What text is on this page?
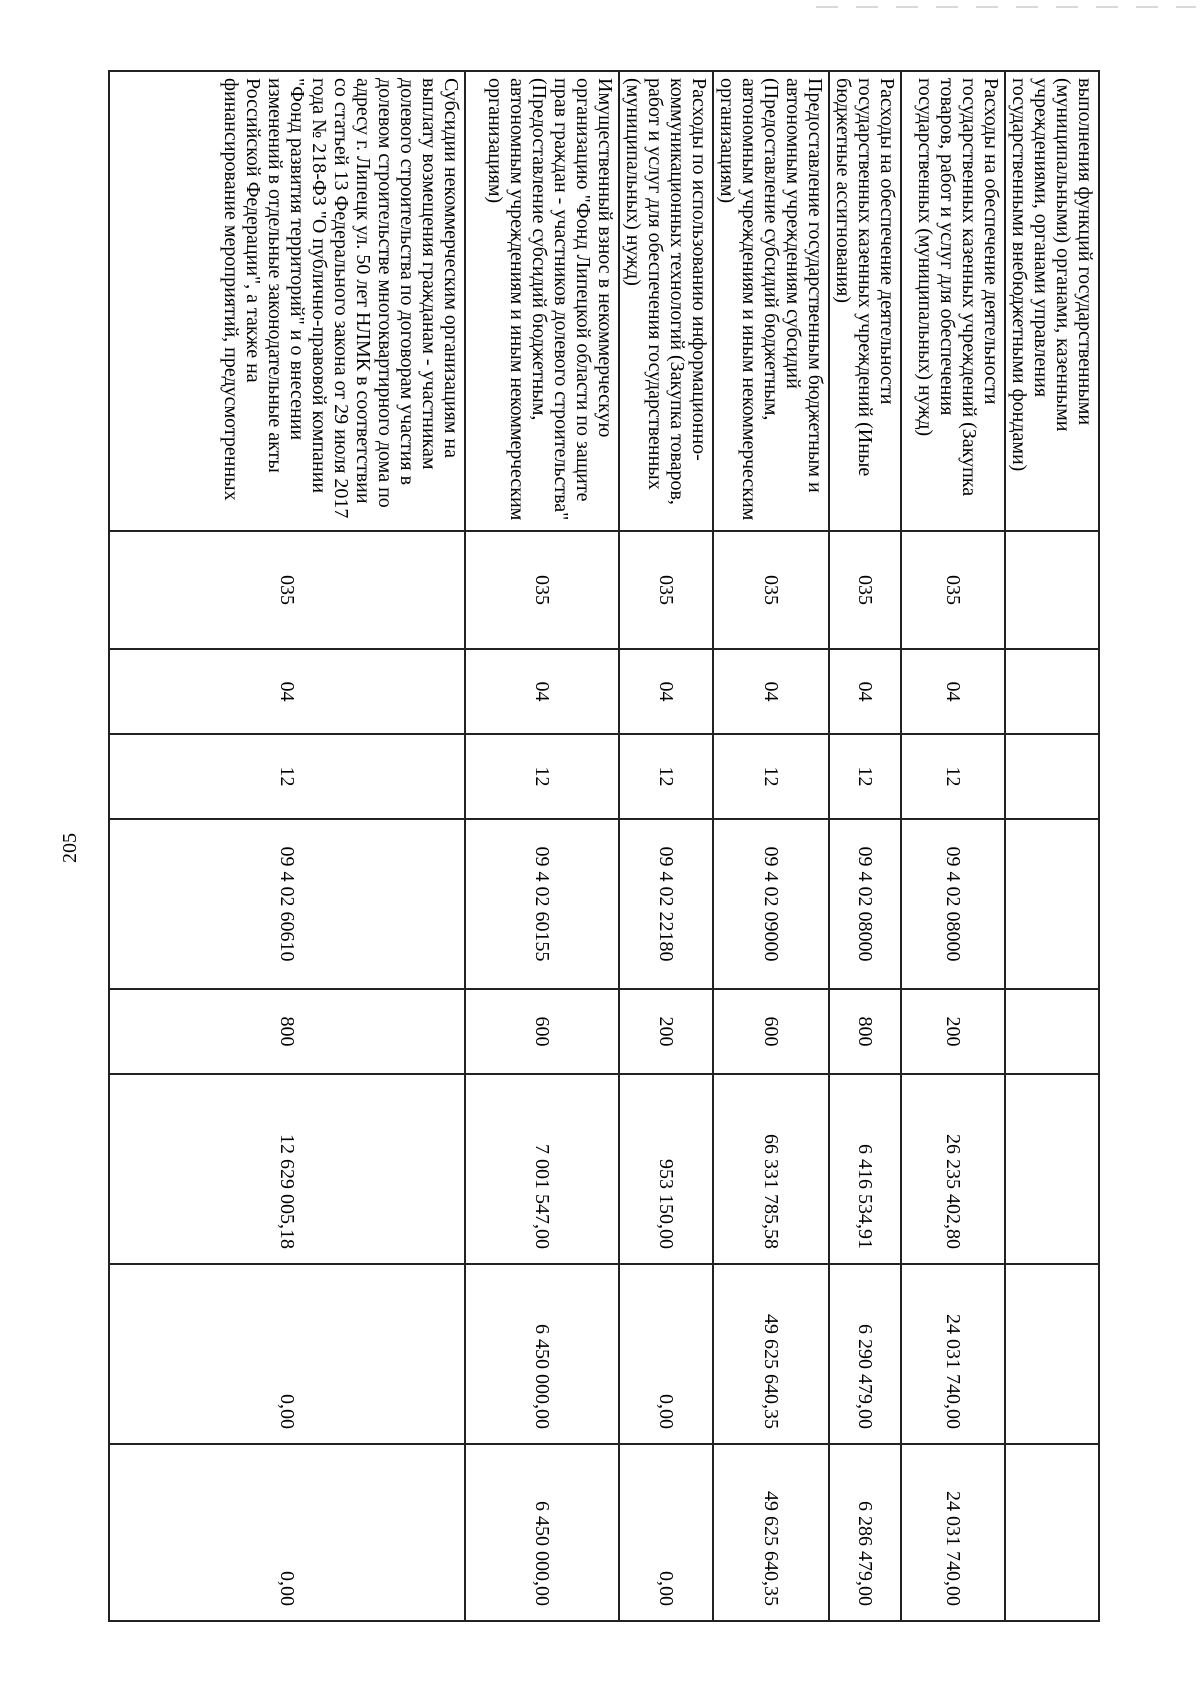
205
выполнения функций государственными (муниципальными) органами, казенными учреждениями, органами управления государственными внебюджетными фондами)								
Расходы на обеспечение деятельности государственных казенных учреждений (Закупка товаров, работ и услуг для обеспечения государственных (муниципальных) нужд)	035	04	12	09 4 02 08000	200	26 235 402,80	24 031 740,00	24 031 740,00
Расходы на обеспечение деятельности государственных казенных учреждений (Иные бюджетные ассигнования)	035	04	12	09 4 02 08000	800	6 416 534,91	6 290 479,00	6 286 479,00
Предоставление государственным бюджетным и автономным учреждениям субсидий (Предоставление субсидий бюджетным, автономным учреждениям и иным некоммерческим организациям)	035	04	12	09 4 02 09000	600	66 331 785,58	49 625 640,35	49 625 640,35
Расходы по использованию информационно-коммуникационных технологий (Закупка товаров, работ и услуг для обеспечения государственных (муниципальных) нужд)	035	04	12	09 4 02 22180	200	953 150,00	0,00	0,00
Имущественный взнос в некоммерческую организацию "Фонд Липецкой области по защите прав граждан - участников долевого строительства" (Предоставление субсидий бюджетным, автономным учреждениям и иным некоммерческим организациям)	035	04	12	09 4 02 60155	600	7 001 547,00	6 450 000,00	6 450 000,00
Субсидии некоммерческим организациям на выплату возмещения гражданам - участникам долевого строительства по договорам участия в долевом строительстве многоквартирного дома по адресу г. Липецк ул. 50 лет НЛМК в соответствии со статьей 13 Федерального закона от 29 июля 2017 года № 218-ФЗ "О публично-правовой компании "Фонд развития территорий" и о внесении изменений в отдельные законодательные акты Российской Федерации", а также на финансирование мероприятий, предусмотренных	035	04	12	09 4 02 60610	800	12 629 005,18	0,00	0,00
